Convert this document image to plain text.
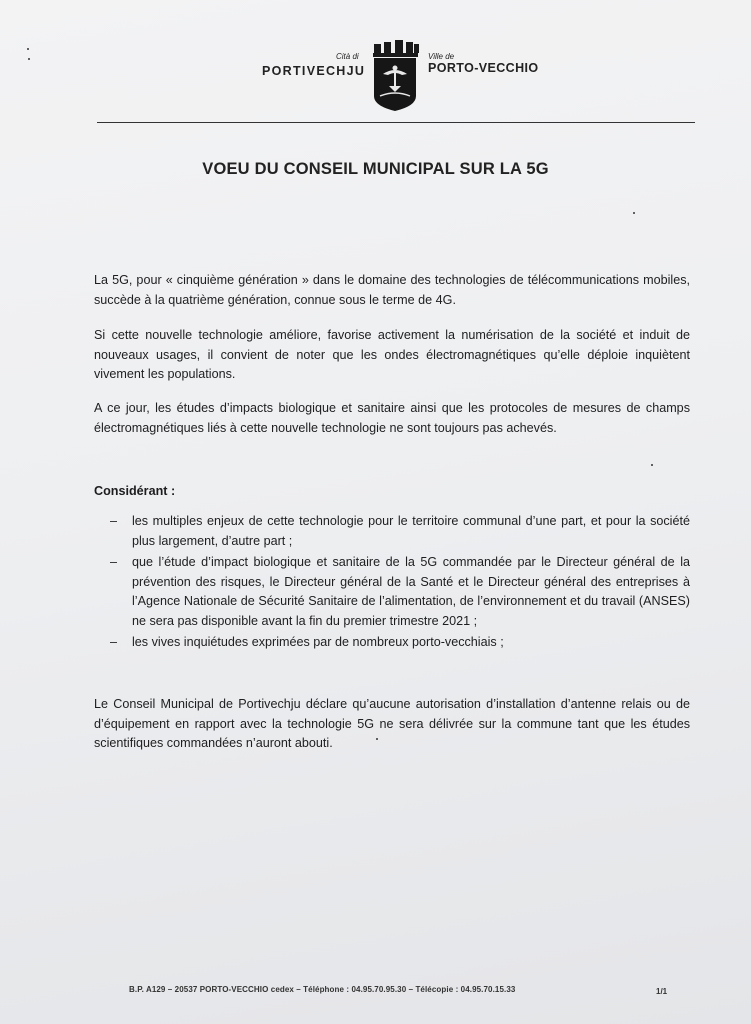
Cità di
PORTIVECHJU
Ville de
PORTO-VECCHIO
VOEU DU CONSEIL MUNICIPAL SUR LA 5G

La 5G, pour « cinquième génération » dans le domaine des technologies de télécommunications mobiles, succède à la quatrième génération, connue sous le terme de 4G.

Si cette nouvelle technologie améliore, favorise activement la numérisation de la société et induit de nouveaux usages, il convient de noter que les ondes électromagnétiques qu’elle déploie inquiètent vivement les populations.

A ce jour, les études d’impacts biologique et sanitaire ainsi que les protocoles de mesures de champs électromagnétiques liés à cette nouvelle technologie ne sont toujours pas achevés.

Considérant :
– les multiples enjeux de cette technologie pour le territoire communal d’une part, et pour la société plus largement, d’autre part ;
– que l’étude d’impact biologique et sanitaire de la 5G commandée par le Directeur général de la prévention des risques, le Directeur général de la Santé et le Directeur général des entreprises à l’Agence Nationale de Sécurité Sanitaire de l’alimentation, de l’environnement et du travail (ANSES) ne sera pas disponible avant la fin du premier trimestre 2021 ;
– les vives inquiétudes exprimées par de nombreux porto-vecchiais ;

Le Conseil Municipal de Portivechju déclare qu’aucune autorisation d’installation d’antenne relais ou de d’équipement en rapport avec la technologie 5G ne sera délivrée sur la commune tant que les études scientifiques commandées n’auront abouti.

B.P. A129 – 20537 PORTO-VECCHIO cedex – Téléphone : 04.95.70.95.30 – Télécopie : 04.95.70.15.33	1/1
